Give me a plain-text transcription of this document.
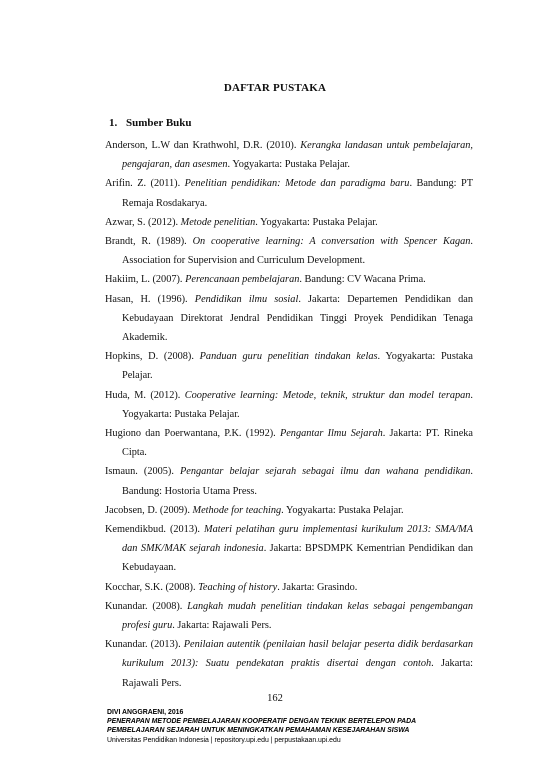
DAFTAR PUSTAKA
1. Sumber Buku

Anderson, L.W dan Krathwohl, D.R. (2010). Kerangka landasan untuk pembelajaran, pengajaran, dan asesmen. Yogyakarta: Pustaka Pelajar.

Arifin. Z. (2011). Penelitian pendidikan: Metode dan paradigma baru. Bandung: PT Remaja Rosdakarya.

Azwar, S. (2012). Metode penelitian. Yogyakarta: Pustaka Pelajar.

Brandt, R. (1989). On cooperative learning: A conversation with Spencer Kagan. Association for Supervision and Curriculum Development.

Hakiim, L. (2007). Perencanaan pembelajaran. Bandung: CV Wacana Prima.

Hasan, H. (1996). Pendidikan ilmu sosial. Jakarta: Departemen Pendidikan dan Kebudayaan Direktorat Jendral Pendidikan Tinggi Proyek Pendidikan Tenaga Akademik.

Hopkins, D. (2008). Panduan guru penelitian tindakan kelas. Yogyakarta: Pustaka Pelajar.

Huda, M. (2012). Cooperative learning: Metode, teknik, struktur dan model terapan. Yogyakarta: Pustaka Pelajar.

Hugiono dan Poerwantana, P.K. (1992). Pengantar Ilmu Sejarah. Jakarta: PT. Rineka Cipta.

Ismaun. (2005). Pengantar belajar sejarah sebagai ilmu dan wahana pendidikan. Bandung: Hostoria Utama Press.

Jacobsen, D. (2009). Methode for teaching. Yogyakarta: Pustaka Pelajar.

Kemendikbud. (2013). Materi pelatihan guru implementasi kurikulum 2013: SMA/MA dan SMK/MAK sejarah indonesia. Jakarta: BPSDMPK Kementrian Pendidikan dan Kebudayaan.

Kocchar, S.K. (2008). Teaching of history. Jakarta: Grasindo.

Kunandar. (2008). Langkah mudah penelitian tindakan kelas sebagai pengembangan profesi guru. Jakarta: Rajawali Pers.

Kunandar. (2013). Penilaian autentik (penilaian hasil belajar peserta didik berdasarkan kurikulum 2013): Suatu pendekatan praktis disertai dengan contoh. Jakarta: Rajawali Pers.

162
DIVI ANGGRAENI, 2016
PENERAPAN METODE PEMBELAJARAN KOOPERATIF DENGAN TEKNIK BERTELEPON PADA
PEMBELAJARAN SEJARAH UNTUK MENINGKATKAN PEMAHAMAN KESEJARAHAN SISWA
Universitas Pendidikan Indonesia | repository.upi.edu | perpustakaan.upi.edu
